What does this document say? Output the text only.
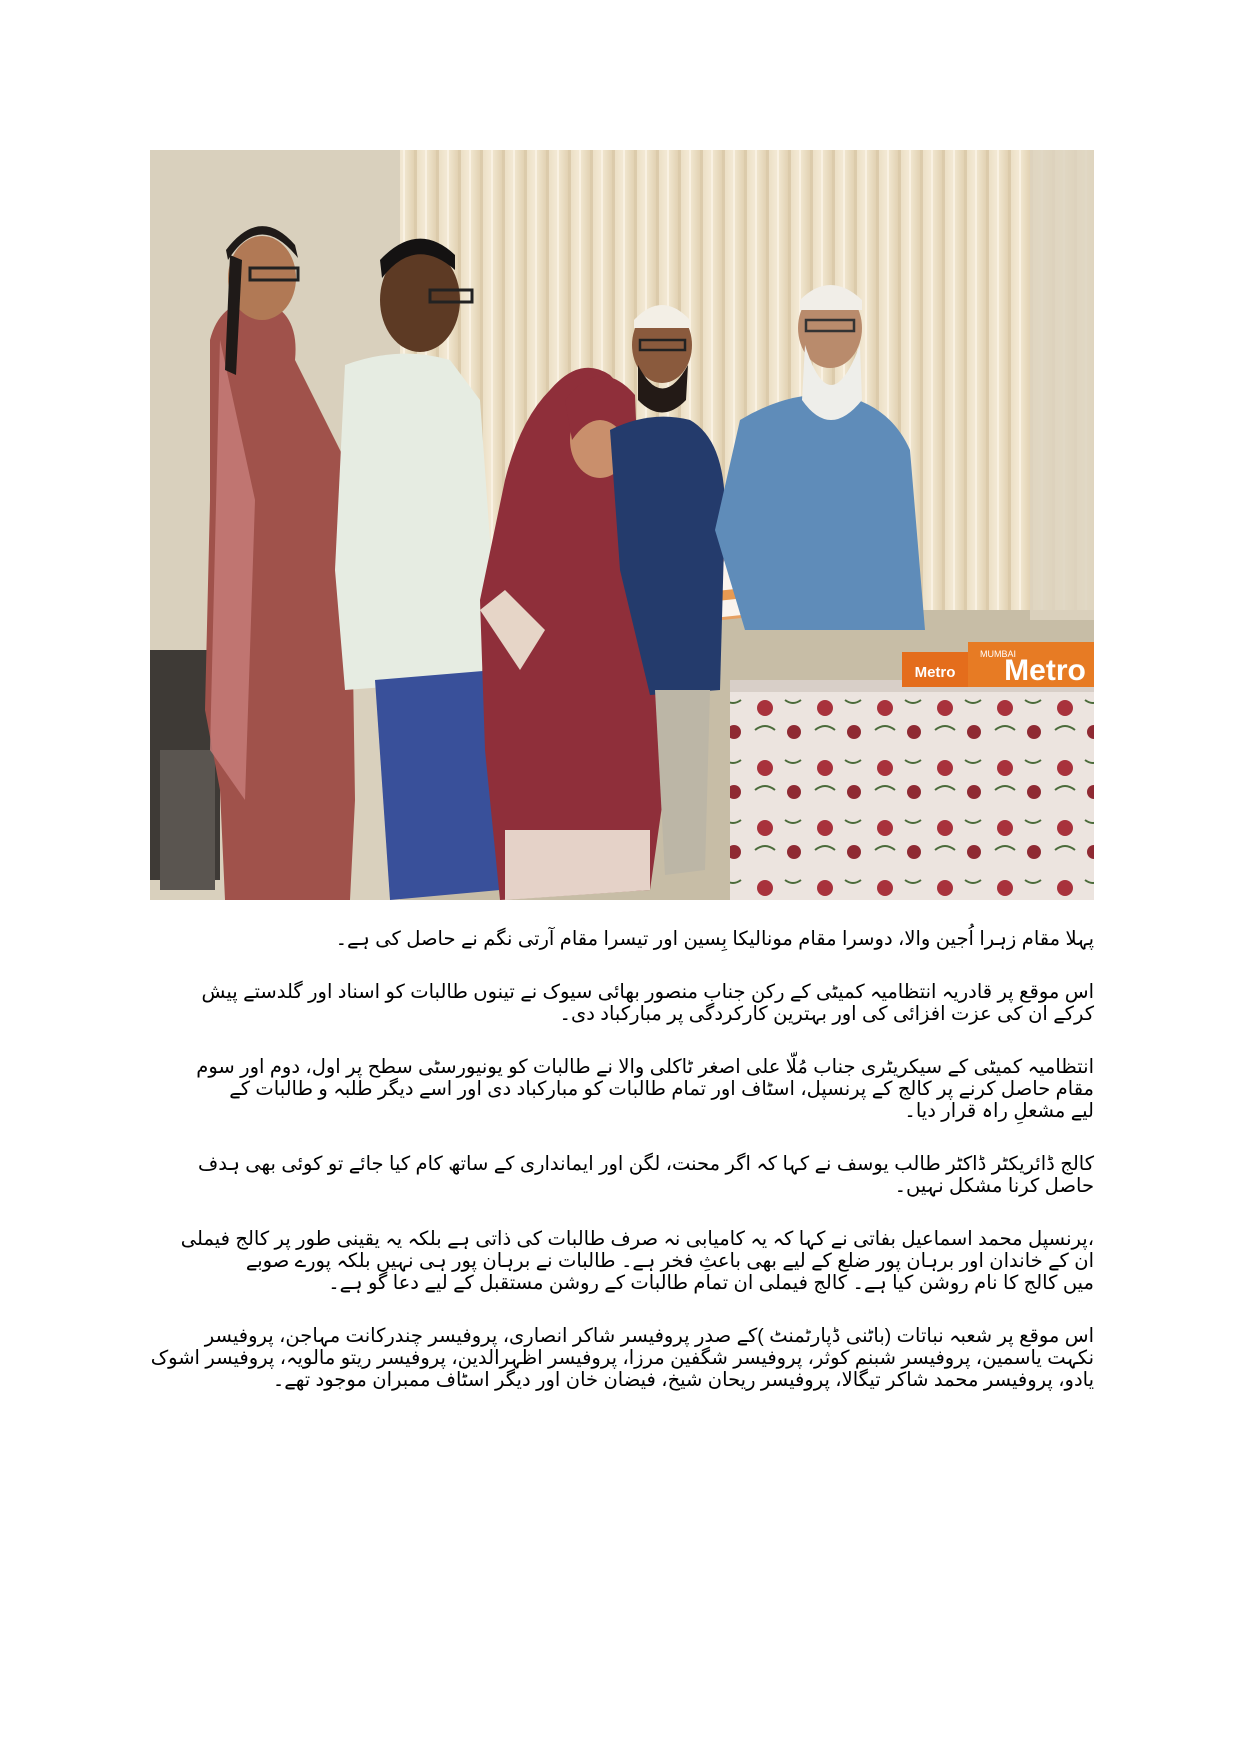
Metro
MUMBAI
Metro

پہلا مقام زہرا اُجین والا، دوسرا مقام مونالیکا بِسین اور تیسرا مقام آرتی نگم نے حاصل کی ہے۔

اس موقع پر قادریہ انتظامیہ کمیٹی کے رکن جناب منصور بھائی سیوک نے تینوں طالبات کو اسناد اور گلدستے پیش
کرکے ان کی عزت افزائی کی اور بہترین کارکردگی پر مبارکباد دی۔

انتظامیہ کمیٹی کے سیکریٹری جناب مُلّا علی اصغر ٹاکلی والا نے طالبات کو یونیورسٹی سطح پر اول، دوم اور سوم
مقام حاصل کرنے پر کالج کے پرنسپل، اسٹاف اور تمام طالبات کو مبارکباد دی اور اسے دیگر طلبہ و طالبات کے
لیے مشعلِ راہ قرار دیا۔

کالج ڈائریکٹر ڈاکٹر طالب یوسف نے کہا کہ اگر محنت، لگن اور ایمانداری کے ساتھ کام کیا جائے تو کوئی بھی ہدف
حاصل کرنا مشکل نہیں۔

،پرنسپل محمد اسماعیل بفاتی نے کہا کہ یہ کامیابی نہ صرف طالبات کی ذاتی ہے بلکہ یہ یقینی طور پر کالج فیملی
ان کے خاندان اور برہان پور ضلع کے لیے بھی باعثِ فخر ہے۔ طالبات نے برہان پور ہی نہیں بلکہ پورے صوبے
میں کالج کا نام روشن کیا ہے۔ کالج فیملی ان تمام طالبات کے روشن مستقبل کے لیے دعا گو ہے۔

اس موقع پر شعبہ نباتات (باٹنی ڈپارٹمنٹ )کے صدر پروفیسر شاکر انصاری، پروفیسر چندرکانت مہاجن، پروفیسر
نکہت یاسمین، پروفیسر شبنم کوثر، پروفیسر شگفین مرزا، پروفیسر اظہرالدین، پروفیسر ریتو مالویہ، پروفیسر اشوک
یادو، پروفیسر محمد شاکر تیگالا، پروفیسر ریحان شیخ، فیضان خان اور دیگر اسٹاف ممبران موجود تھے۔
